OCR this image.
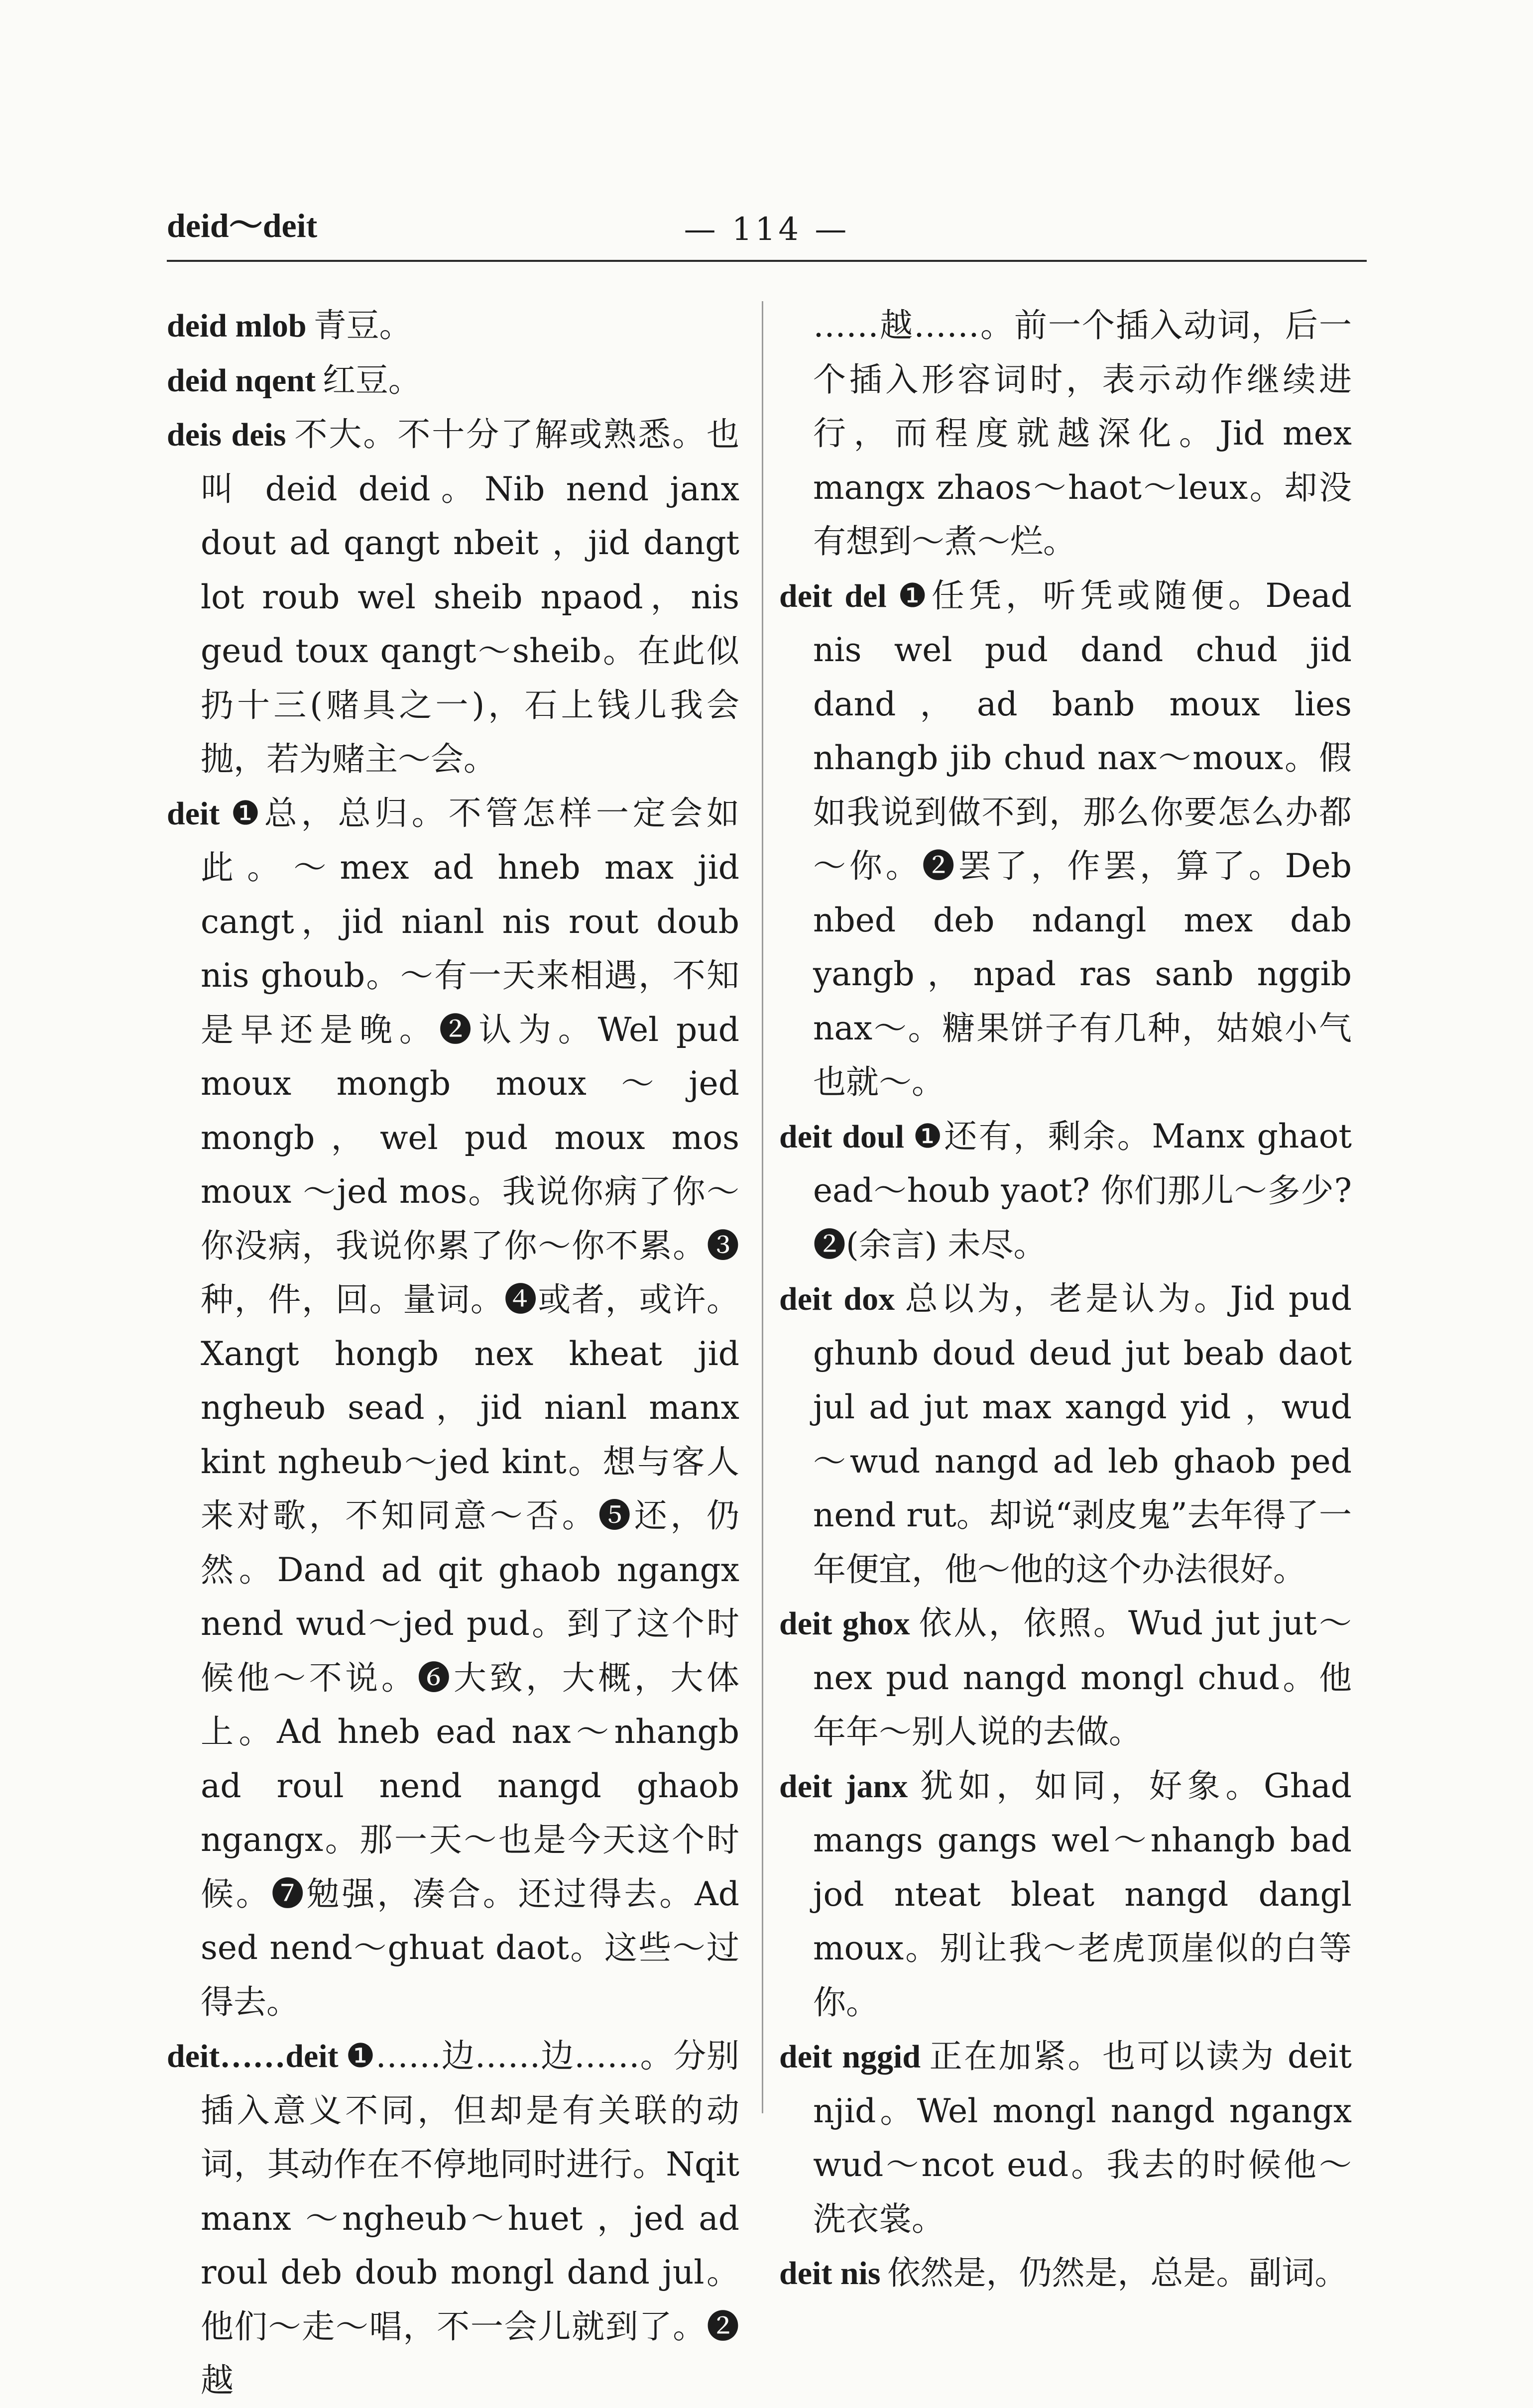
deid～deit	— 114 —

deid mlob 青豆。

deid nqent 红豆。

deis deis 不大。不十分了解或熟悉。也叫 deid deid。Nib nend janx dout ad qangt nbeit ，jid dangt lot roub wel sheib npaod，nis geud toux qangt～sheib。在此似扔十三(赌具之一)，石上钱儿我会抛，若为赌主～会。

deit ❶总，总归。不管怎样一定会如此。～mex ad hneb max jid cangt，jid nianl nis rout doub nis ghoub。～有一天来相遇，不知是早还是晚。❷认为。Wel pud moux mongb moux～jed mongb，wel pud moux mos moux ～jed mos。我说你病了你～你没病，我说你累了你～你不累。❸种，件，回。量词。❹或者，或许。Xangt hongb nex kheat jid ngheub sead，jid nianl manx kint ngheub～jed kint。想与客人来对歌，不知同意～否。❺还，仍然。Dand ad qit ghaob ngangx nend wud～jed pud。到了这个时候他～不说。❻大致，大概，大体上。Ad hneb ead nax～nhangb ad roul nend nangd ghaob ngangx。那一天～也是今天这个时候。❼勉强，凑合。还过得去。Ad sed nend～ghuat daot。这些～过得去。

deit……deit ❶……边……边……。分别插入意义不同，但却是有关联的动词，其动作在不停地同时进行。Nqit manx ～ngheub～huet ，jed ad roul deb doub mongl dand jul。他们～走～唱，不一会儿就到了。❷越

……越……。前一个插入动词，后一个插入形容词时，表示动作继续进行，而程度就越深化。Jid mex mangx zhaos～haot～leux。却没有想到～煮～烂。

deit del ❶任凭，听凭或随便。Dead nis wel pud dand chud jid dand，ad banb moux lies nhangb jib chud nax～moux。假如我说到做不到，那么你要怎么办都～你。❷罢了，作罢，算了。Deb nbed deb ndangl mex dab yangb，npad ras sanb nggib nax～。糖果饼子有几种，姑娘小气也就～。

deit doul ❶还有，剩余。Manx ghaot ead～houb yaot? 你们那儿～多少? ❷(余言) 未尽。

deit dox 总以为，老是认为。Jid pud ghunb doud deud jut beab daot jul ad jut max xangd yid ，wud～wud nangd ad leb ghaob ped nend rut。却说“剥皮鬼”去年得了一年便宜，他～他的这个办法很好。

deit ghox 依从，依照。Wud jut jut～nex pud nangd mongl chud。他年年～别人说的去做。

deit janx 犹如，如同，好象。Ghad mangs gangs wel～nhangb bad jod nteat bleat nangd dangl moux。别让我～老虎顶崖似的白等你。

deit nggid 正在加紧。也可以读为 deit njid。Wel mongl nangd ngangx wud～ncot eud。我去的时候他～洗衣裳。

deit nis 依然是，仍然是，总是。副词。
